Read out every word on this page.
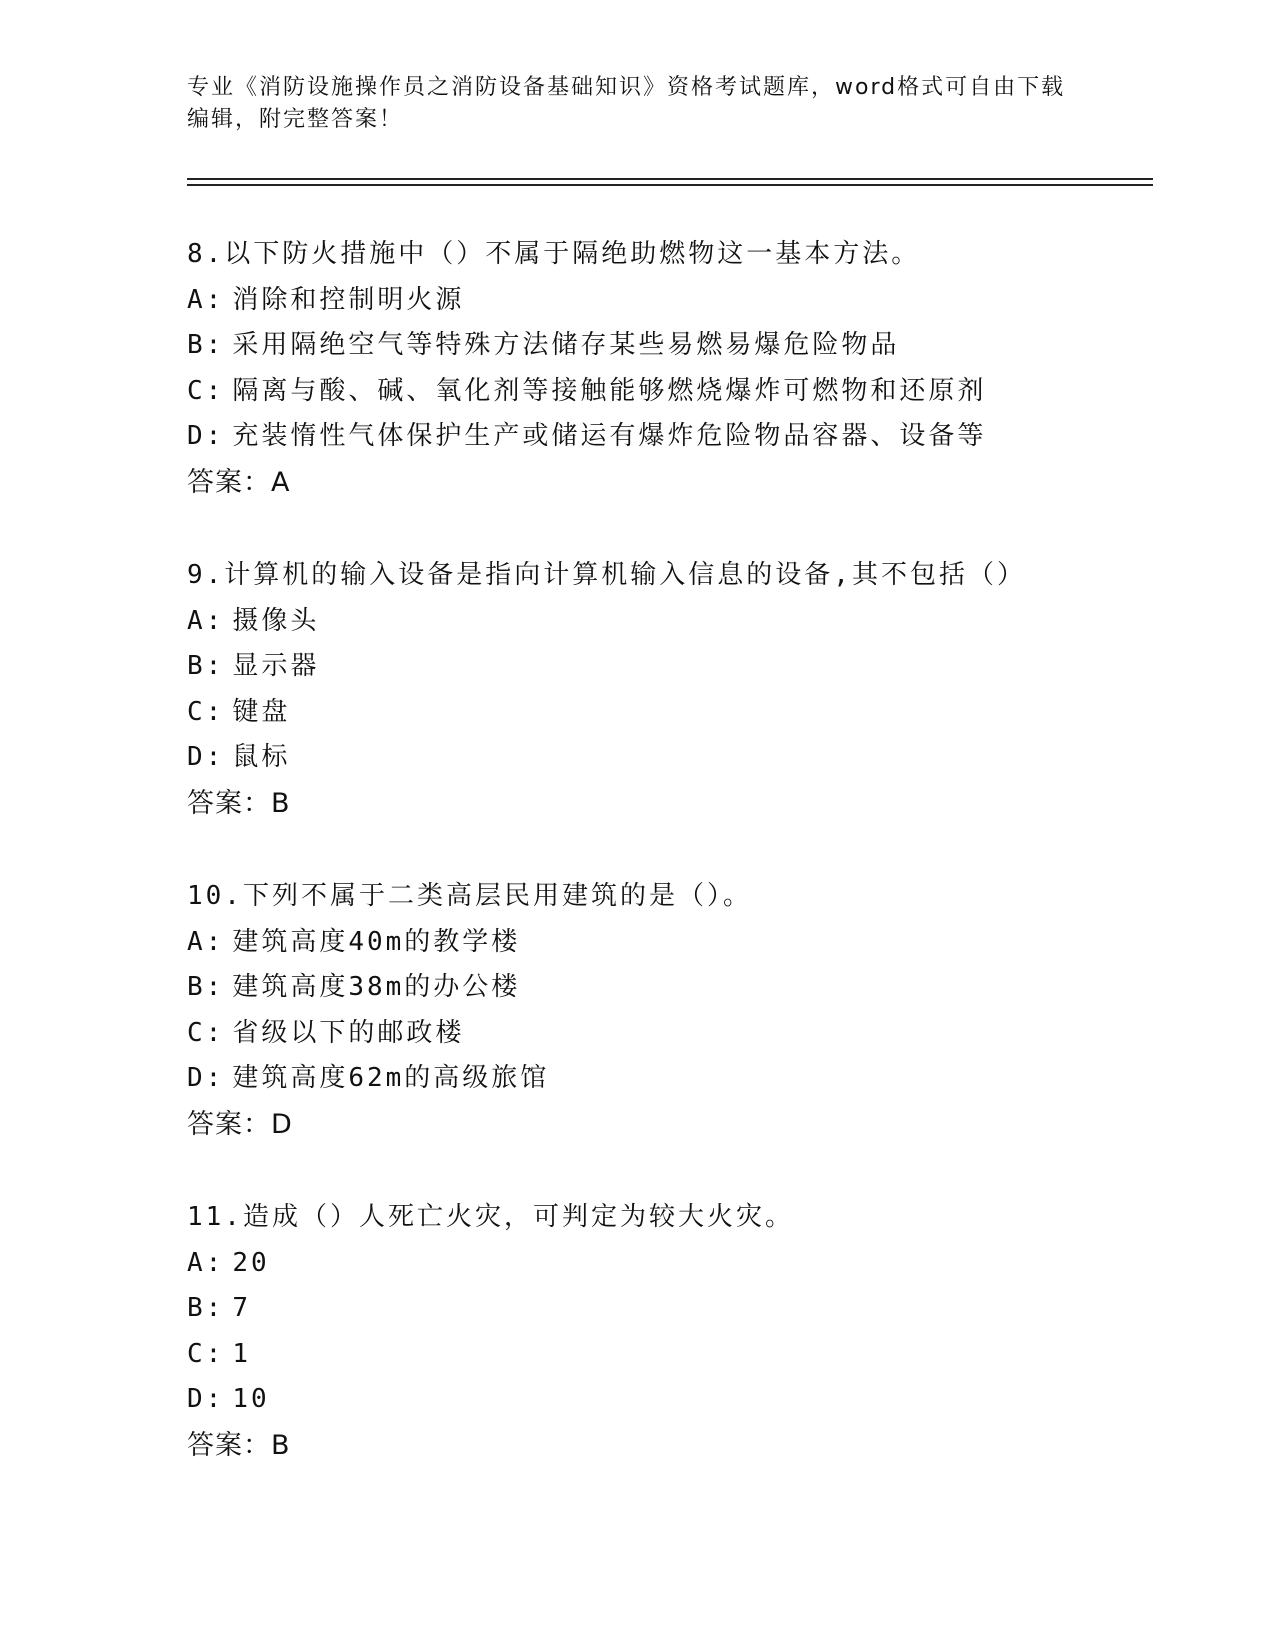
专业《消防设施操作员之消防设备基础知识》资格考试题库，word格式可自由下载编辑，附完整答案！
8.以下防火措施中（）不属于隔绝助燃物这一基本方法。
A: 消除和控制明火源
B: 采用隔绝空气等特殊方法储存某些易燃易爆危险物品
C: 隔离与酸、碱、氧化剂等接触能够燃烧爆炸可燃物和还原剂
D: 充装惰性气体保护生产或储运有爆炸危险物品容器、设备等
答案：A
9.计算机的输入设备是指向计算机输入信息的设备,其不包括（）
A: 摄像头
B: 显示器
C: 键盘
D: 鼠标
答案：B
10.下列不属于二类高层民用建筑的是（）。
A: 建筑高度40m的教学楼
B: 建筑高度38m的办公楼
C: 省级以下的邮政楼
D: 建筑高度62m的高级旅馆
答案：D
11.造成（）人死亡火灾，可判定为较大火灾。
A: 20
B: 7
C: 1
D: 10
答案：B
